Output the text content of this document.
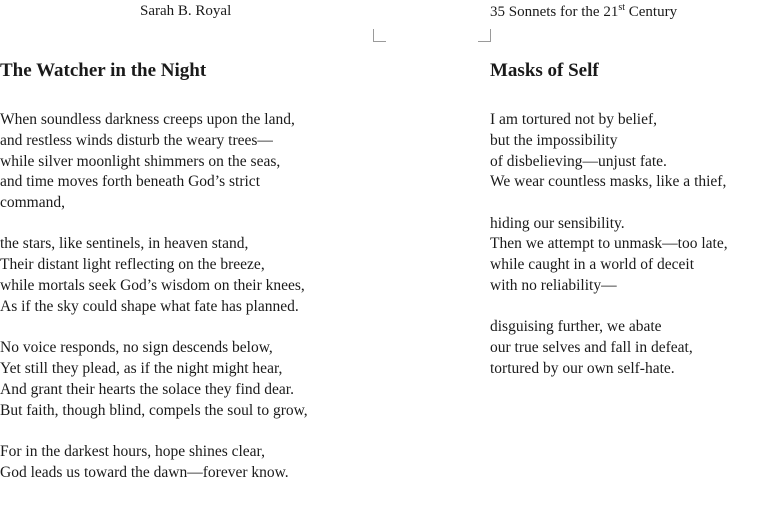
Sarah B. Royal	35 Sonnets for the 21st Century
The Watcher in the Night
When soundless darkness creeps upon the land,
and restless winds disturb the weary trees—
while silver moonlight shimmers on the seas,
and time moves forth beneath God’s strict
command,
the stars, like sentinels, in heaven stand,
Their distant light reflecting on the breeze,
while mortals seek God’s wisdom on their knees,
As if the sky could shape what fate has planned.
No voice responds, no sign descends below,
Yet still they plead, as if the night might hear,
And grant their hearts the solace they find dear.
But faith, though blind, compels the soul to grow,
For in the darkest hours, hope shines clear,
God leads us toward the dawn—forever know.
Masks of Self
I am tortured not by belief,
but the impossibility
of disbelieving—unjust fate.
We wear countless masks, like a thief,
hiding our sensibility.
Then we attempt to unmask—too late,
while caught in a world of deceit
with no reliability—
disguising further, we abate
our true selves and fall in defeat,
tortured by our own self-hate.
